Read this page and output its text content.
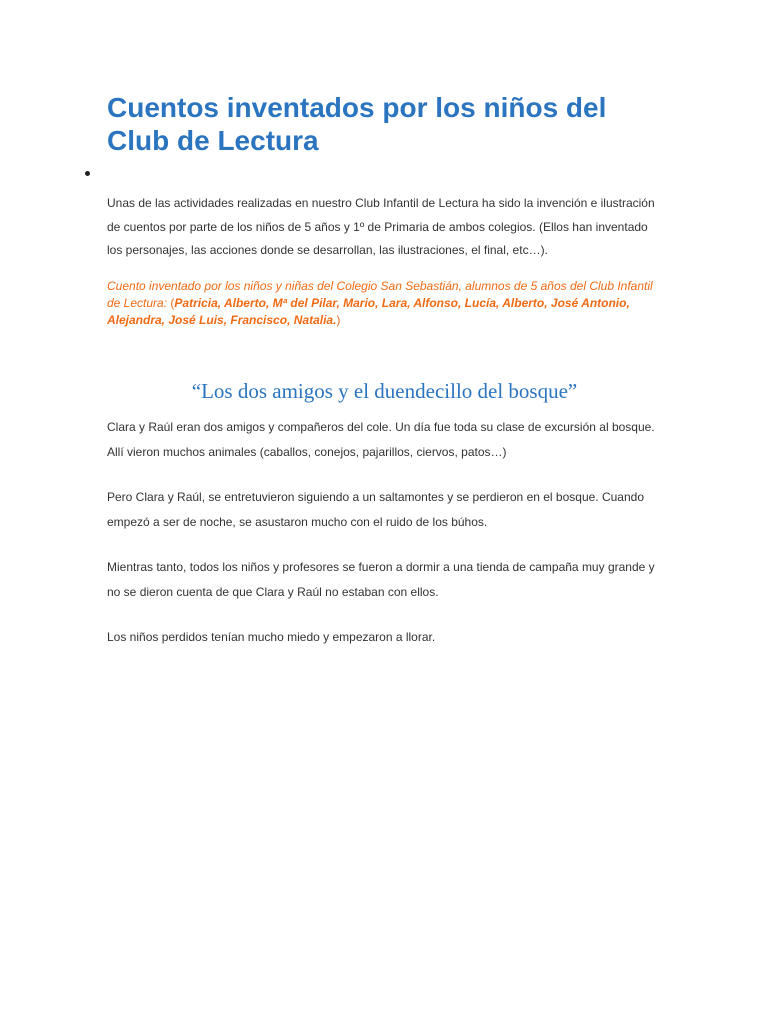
Cuentos inventados por los niños del Club de Lectura

Unas de las actividades realizadas en nuestro Club Infantil de Lectura ha sido la invención e ilustración de cuentos por parte de los niños de 5 años y 1º de Primaria de ambos colegios. (Ellos han inventado los personajes, las acciones donde se desarrollan, las ilustraciones, el final, etc…).

Cuento inventado por los niños y niñas del Colegio San Sebastián, alumnos de 5 años del Club Infantil de Lectura: (Patricia, Alberto, Mª del Pilar, Mario, Lara, Alfonso, Lucía, Alberto, José Antonio, Alejandra, José Luis, Francisco, Natalia.)

“Los dos amigos y el duendecillo del bosque”

Clara y Raúl eran dos amigos y compañeros del cole. Un día fue toda su clase de excursión al bosque. Allí vieron muchos animales (caballos, conejos, pajarillos, ciervos, patos…)

Pero Clara y Raúl, se entretuvieron siguiendo a un saltamontes y se perdieron en el bosque. Cuando empezó a ser de noche, se asustaron mucho con el ruido de los búhos.

Mientras tanto, todos los niños y profesores se fueron a dormir a una tienda de campaña muy grande y no se dieron cuenta de que Clara y Raúl no estaban con ellos.

Los niños perdidos tenían mucho miedo y empezaron a llorar.
